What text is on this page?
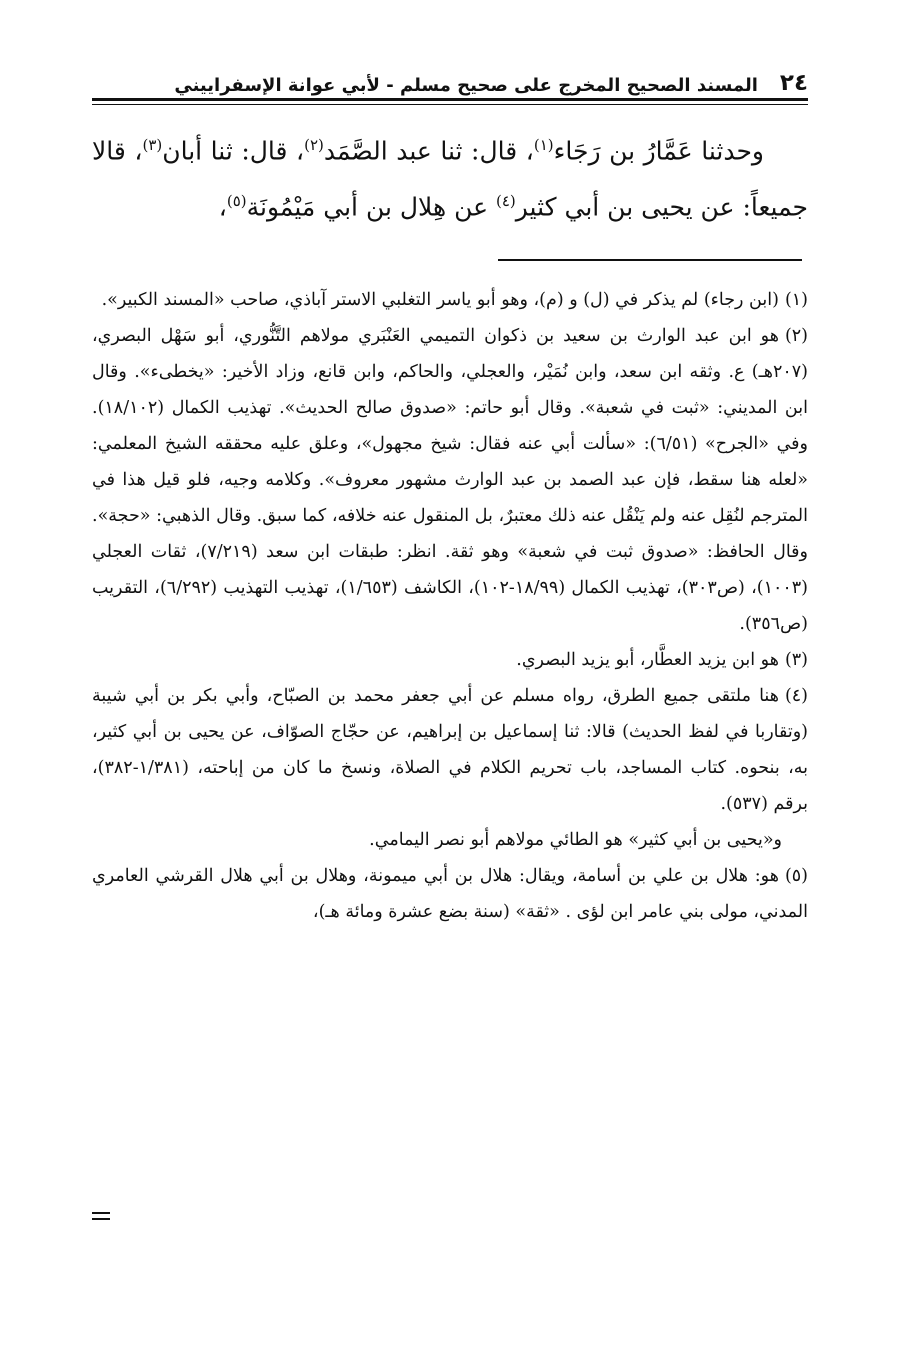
٢٤
المسند الصحيح المخرج على صحيح مسلم - لأبي عوانة الإسفراييني
وحدثنا عَمَّارُ بن رَجَاء$^{(١)}$، قال: ثنا عبد الصَّمَد$^{(٢)}$، قال: ثنا أبان$^{(٣)}$، قالا جميعاً: عن يحيى بن أبي كثير$^{(٤)}$ عن هِلال بن أبي مَيْمُونَة$^{(٥)}$،
(١)(ابن رجاء) لم يذكر في (ل) و (م)، وهو أبو ياسر التغلبي الاستر آباذي، صاحب «المسند الكبير».
(٢)هو ابن عبد الوارث بن سعيد بن ذكوان التميمي العَنْبَري مولاهم التَّنُّوري، أبو سَهْل البصري، (٢٠٧هـ) ع. وثقه ابن سعد، وابن نُمَيْر، والعجلي، والحاكم، وابن قانع، وزاد الأخير: «يخطىء». وقال ابن المديني: «ثبت في شعبة». وقال أبو حاتم: «صدوق صالح الحديث». تهذيب الكمال (١٨/١٠٢). وفي «الجرح» (٦/٥١): «سألت أبي عنه فقال: شيخ مجهول»، وعلق عليه محققه الشيخ المعلمي: «لعله هنا سقط، فإن عبد الصمد بن عبد الوارث مشهور معروف». وكلامه وجيه، فلو قيل هذا في المترجم لنُقِل عنه ولم يَنْقُل عنه ذلك معتبرٌ، بل المنقول عنه خلافه، كما سبق. وقال الذهبي: «حجة». وقال الحافظ: «صدوق ثبت في شعبة» وهو ثقة. انظر: طبقات ابن سعد (٧/٢١٩)، ثقات العجلي (١٠٠٣)، (ص٣٠٣)، تهذيب الكمال (١٨/٩٩-١٠٢)، الكاشف (١/٦٥٣)، تهذيب التهذيب (٦/٢٩٢)، التقريب (ص٣٥٦).
(٣)هو ابن يزيد العطَّار، أبو يزيد البصري.
(٤)هنا ملتقى جميع الطرق، رواه مسلم عن أبي جعفر محمد بن الصبّاح، وأبي بكر بن أبي شيبة (وتقاربا في لفظ الحديث) قالا: ثنا إسماعيل بن إبراهيم، عن حجّاج الصوّاف، عن يحيى بن أبي كثير، به، بنحوه. كتاب المساجد، باب تحريم الكلام في الصلاة، ونسخ ما كان من إباحته، (١/٣٨١-٣٨٢)، برقم (٥٣٧).
و«يحيى بن أبي كثير» هو الطائي مولاهم أبو نصر اليمامي.
(٥)هو: هلال بن علي بن أسامة، ويقال: هلال بن أبي ميمونة، وهلال بن أبي هلال القرشي العامري المدني، مولى بني عامر ابن لؤى . «ثقة» (سنة بضع عشرة ومائة هـ)،
